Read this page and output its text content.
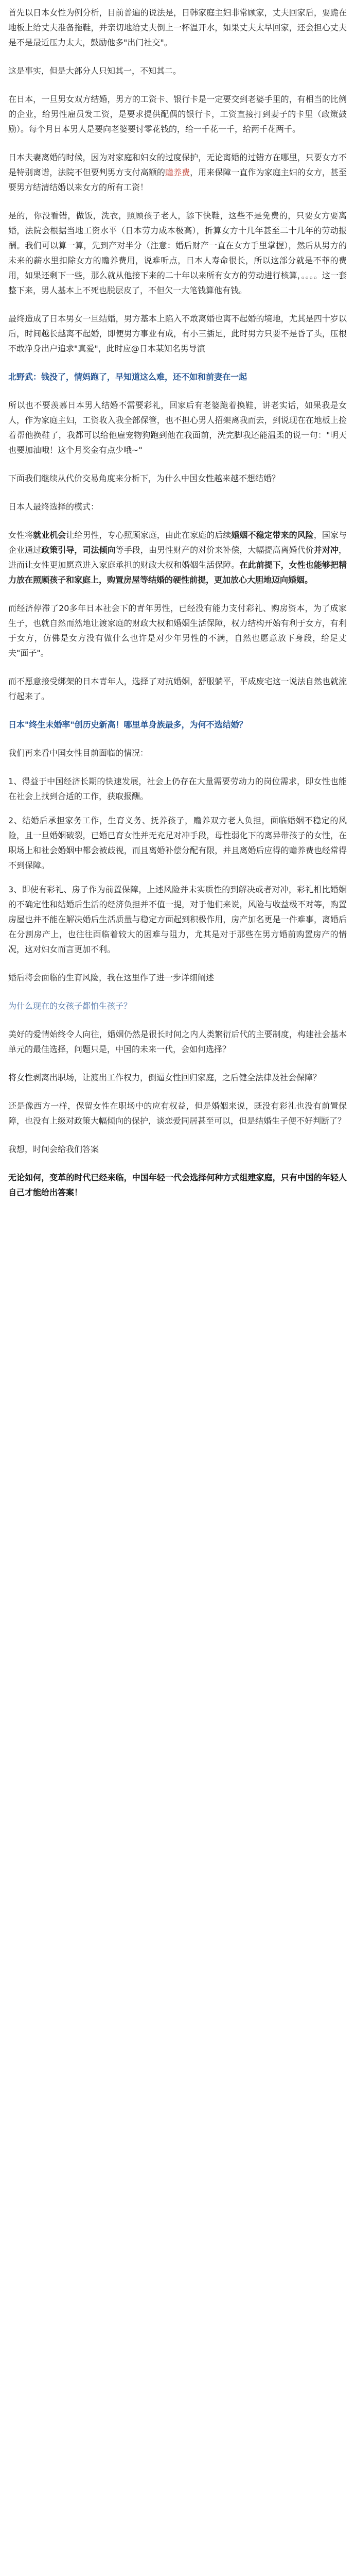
首先以日本女性为例分析，目前普遍的说法是，日韩家庭主妇非常顾家，丈夫回家后，要跪在地板上给丈夫准备拖鞋，并亲切地给丈夫倒上一杯温开水，如果丈夫太早回家，还会担心丈夫是不是最近压力太大，鼓励他多"出门社交"。

这是事实，但是大部分人只知其一，不知其二。

在日本，一旦男女双方结婚，男方的工资卡、银行卡是一定要交到老婆手里的，有相当的比例的企业，给男性雇员发工资，是要求提供配偶的银行卡，工资直接打到妻子的卡里（政策鼓励）。每个月日本男人是要向老婆要讨零花钱的，给一千花一千，给两千花两千。

日本夫妻离婚的时候，因为对家庭和妇女的过度保护，无论离婚的过错方在哪里，只要女方不是特别离谱，法院不但要判男方支付高额的赡养费，用来保障一直作为家庭主妇的女方，甚至要男方结清结婚以来女方的所有工资！

是的，你没看错，做饭，洗衣，照顾孩子老人，舔下快鞋，这些不是免费的，只要女方要离婚，法院会根据当地工资水平（日本劳力成本极高），折算女方十几年甚至二十几年的劳动报酬。我们可以算一算，先到产对半分（注意：婚后财产一直在女方手里掌握），然后从男方的未来的薪水里扣除女方的赡养费用，说难听点，日本人寿命很长，所以这部分就是不菲的费用，如果还剩下一些，那么就从他接下来的二十年以来所有女方的劳动进行核算，。。。。这一套整下来，男人基本上不死也脱层皮了，不但欠一大笔钱算他有钱。

最终造成了日本男女一旦结婚，男方基本上陷入不敢离婚也离不起婚的境地，尤其是四十岁以后，时间越长越离不起婚，即便男方事业有成，有小三插足，此时男方只要不是昏了头，压根不敢净身出户追求"真爱"，此时应@日本某知名男导演

北野武：钱没了，情妈跑了，早知道这么难，还不如和前妻在一起

所以也不要羡慕日本男人结婚不需要彩礼，回家后有老婆跪着换鞋，讲老实话，如果我是女人，作为家庭主妇，工资收入我全部保管，也不担心男人招架离我而去，到说现在在地板上捡着帮他换鞋了，我都可以给他雇宠物狗跑到他在我面前，洗完脚我还能温柔的说一句："明天也要加油哦！这个月奖金有点少哦~"

下面我们继续从代价交易角度来分析下，为什么中国女性越来越不想结婚？

日本人最终选择的模式：

女性将就业机会让给男性，专心照顾家庭，由此在家庭的后续婚姻不稳定带来的风险，国家与企业通过政策引导，司法倾向等手段，由男性财产的对价来补偿，大幅提高离婚代价并对冲，进而让女性更加愿意进入家庭承担的财政大权和婚姻生活保障。在此前提下，女性也能够把精力放在照顾孩子和家庭上，购置房屋等结婚的硬性前提，更加放心大胆地迈向婚姻。

而经济停滞了20多年日本社会下的青年男性，已经没有能力支付彩礼、购房资本，为了成家生子，也就自然而然地让渡家庭的财政大权和婚姻生活保障，权力结构开始有利于女方，有利于女方，仿佛是女方没有做什么也许是对少年男性的不满，自然也愿意放下身段，给足丈夫"面子"。

而不愿意接受绑架的日本青年人，选择了对抗婚姻，舒服躺平，平成废宅这一说法自然也就流行起来了。

日本"终生未婚率"创历史新高！哪里单身族最多，为何不选结婚？

我们再来看中国女性目前面临的情况：

1、得益于中国经济长期的快速发展，社会上仍存在大量需要劳动力的岗位需求，即女性也能在社会上找到合适的工作，获取报酬。

2、结婚后承担家务工作，生育义务、抚养孩子，赡养双方老人负担，面临婚姻不稳定的风险，且一旦婚姻破裂，已婚已育女性并无充足对冲手段，母性弱化下的离异带孩子的女性，在职场上和社会婚姻中都会被歧视，而且离婚补偿分配有限，并且离婚后应得的赡养费也经常得不到保障。

3、即使有彩礼、房子作为前置保障，上述风险并未实质性的到解决或者对冲，彩礼相比婚姻的不确定性和结婚后生活的经济负担并不值一提，对于他们来说，风险与收益极不对等，购置房屋也并不能在解决婚后生活质量与稳定方面起到积极作用，房产加名更是一件难事，离婚后在分割房产上，也往往面临着较大的困难与阻力，尤其是对于那些在男方婚前购置房产的情况，这对妇女而言更加不利。

婚后将会面临的生育风险，我在这里作了进一步详细阐述

为什么现在的女孩子都怕生孩子？

美好的爱情始终令人向往，婚姻仍然是很长时间之内人类繁衍后代的主要制度，构建社会基本单元的最佳选择，问题只是，中国的未来一代，会如何选择？

将女性剥离出职场，让渡出工作权力，倒逼女性回归家庭，之后健全法律及社会保障？

还是像西方一样，保留女性在职场中的应有权益，但是婚姻来说，既没有彩礼也没有前置保障，也没有上级对政策大幅倾向的保护，谈恋爱同居甚至可以，但是结婚生子便不好判断了？

我想，时间会给我们答案

无论如何，变革的时代已经来临，中国年轻一代会选择何种方式组建家庭，只有中国的年轻人自己才能给出答案！
